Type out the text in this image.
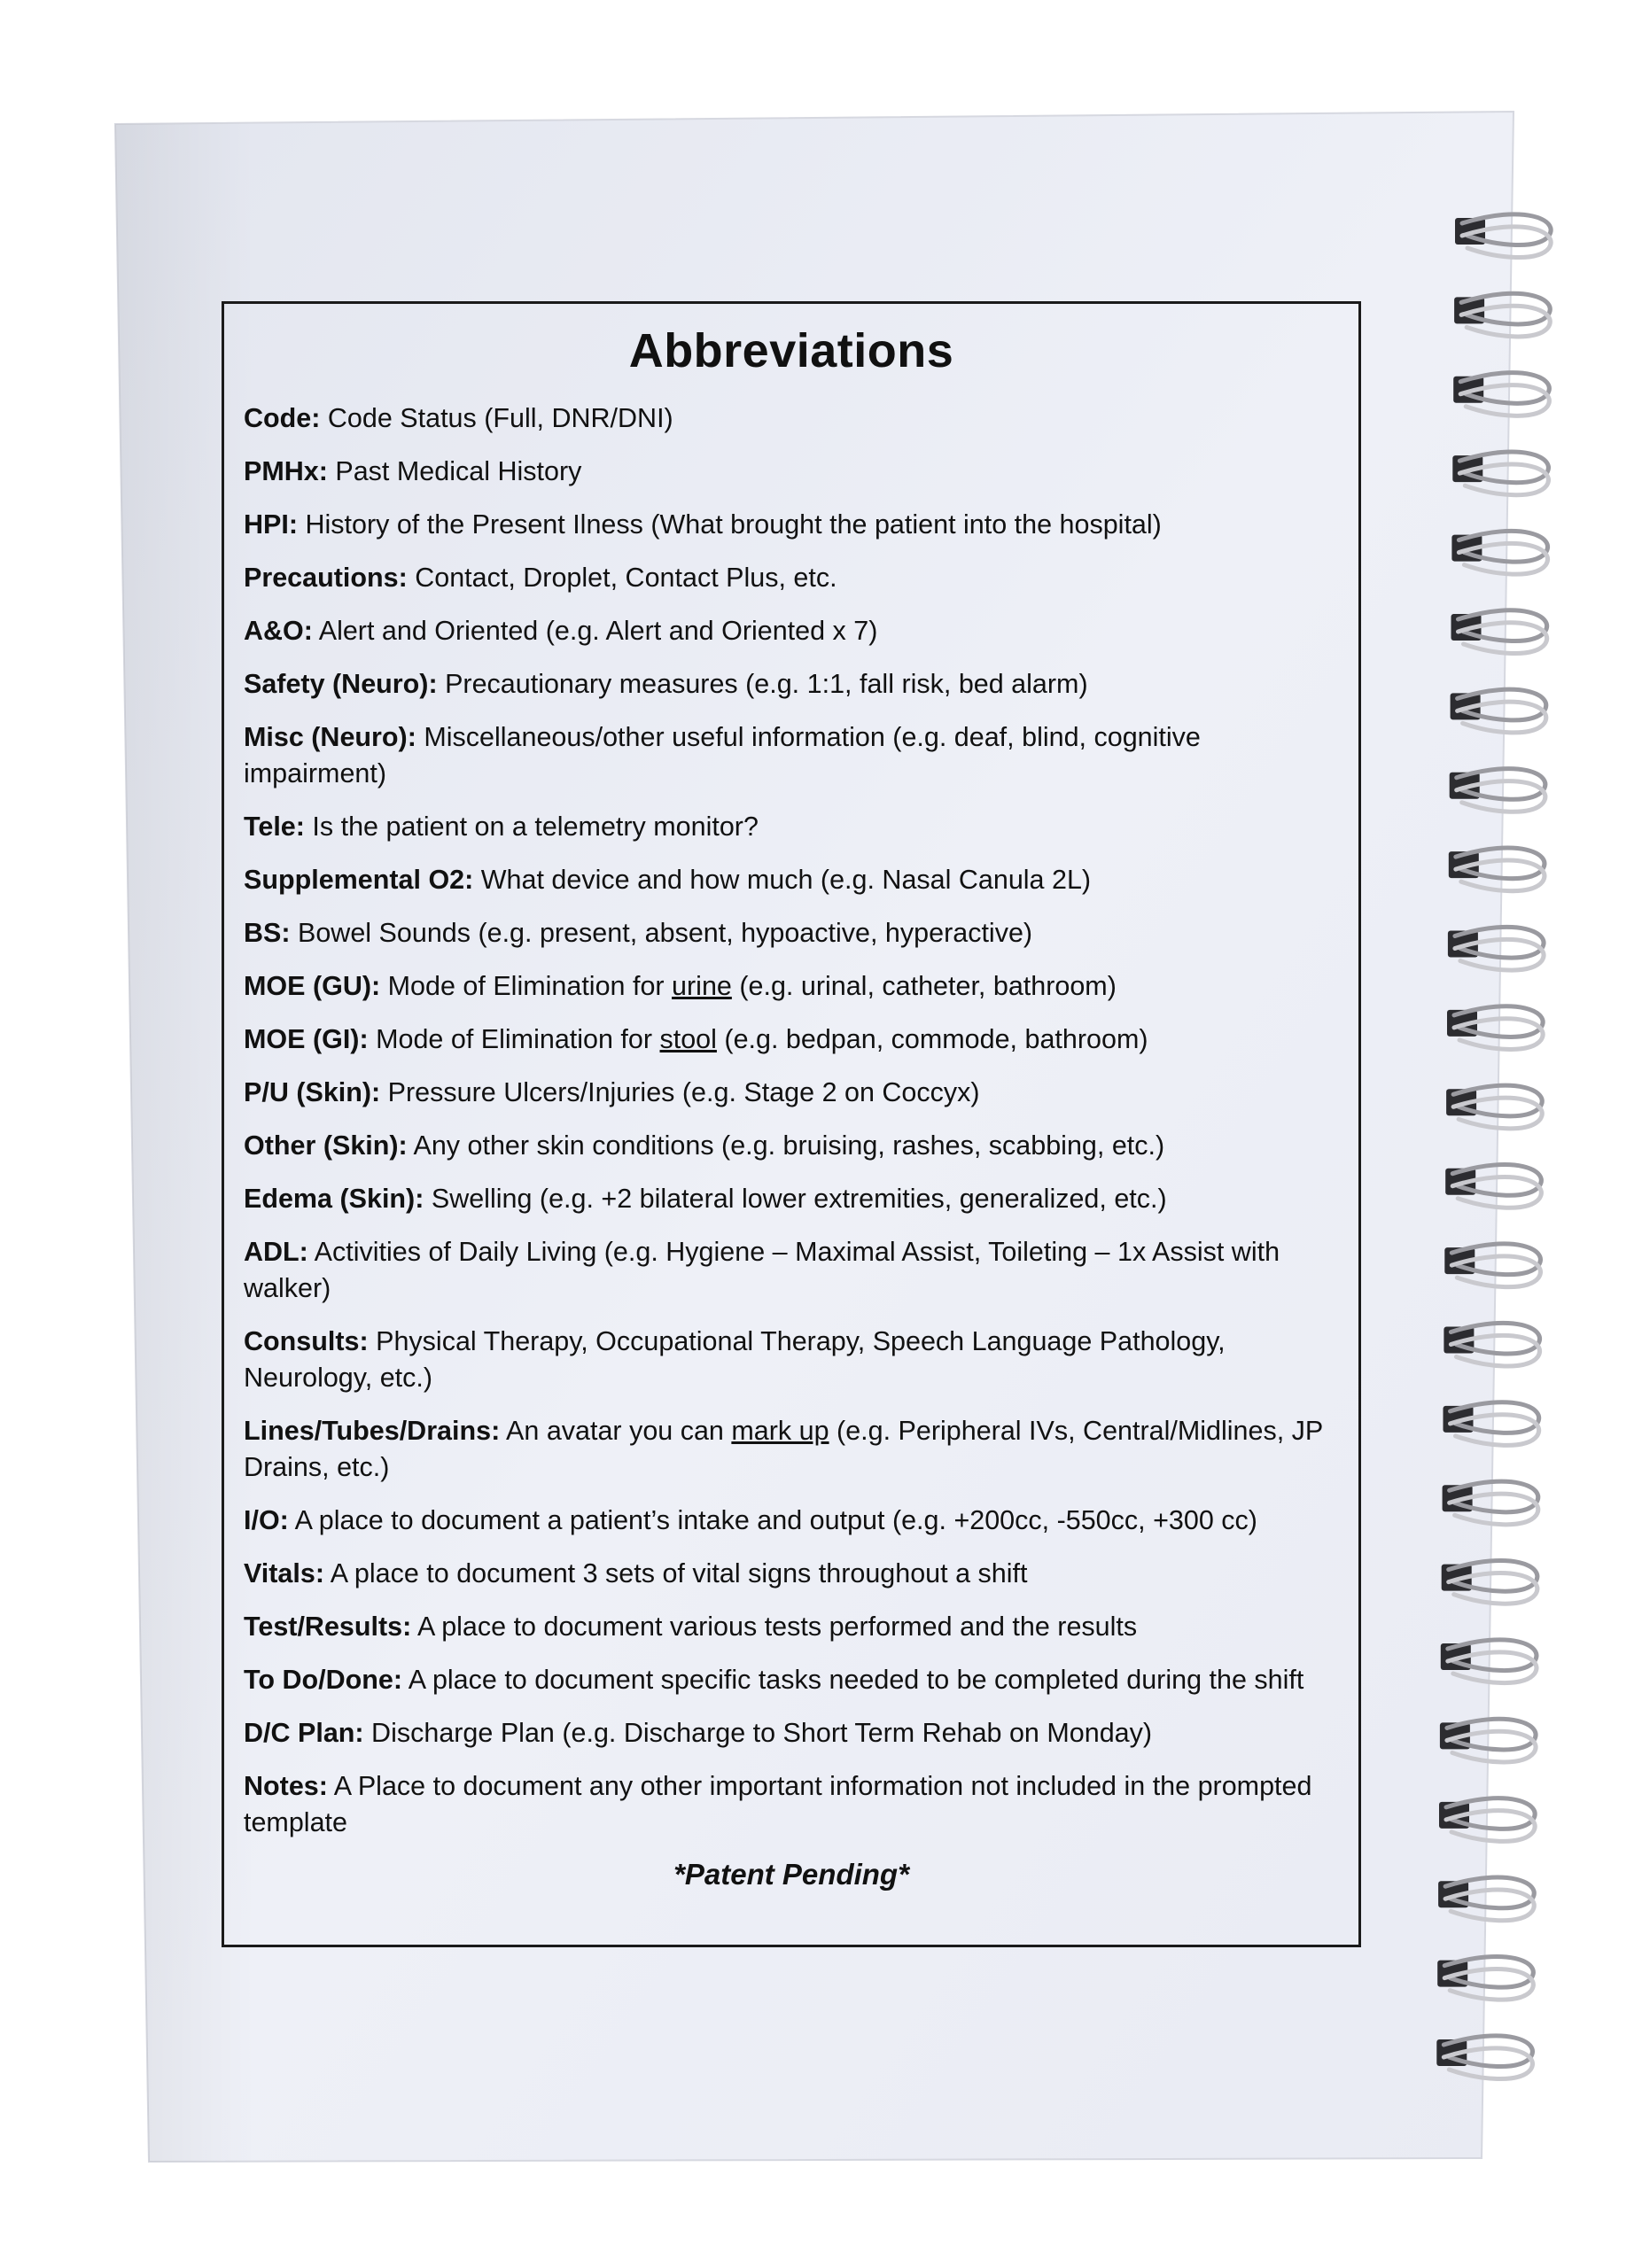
Abbreviations
Code: Code Status (Full, DNR/DNI)
PMHx: Past Medical History
HPI: History of the Present Ilness (What brought the patient into the hospital)
Precautions: Contact, Droplet, Contact Plus, etc.
A&O: Alert and Oriented (e.g. Alert and Oriented x 7)
Safety (Neuro): Precautionary measures (e.g. 1:1, fall risk, bed alarm)
Misc (Neuro): Miscellaneous/other useful information (e.g. deaf, blind, cognitive impairment)
Tele: Is the patient on a telemetry monitor?
Supplemental O2: What device and how much (e.g. Nasal Canula 2L)
BS: Bowel Sounds (e.g. present, absent, hypoactive, hyperactive)
MOE (GU): Mode of Elimination for urine (e.g. urinal, catheter, bathroom)
MOE (GI): Mode of Elimination for stool (e.g. bedpan, commode, bathroom)
P/U (Skin): Pressure Ulcers/Injuries (e.g. Stage 2 on Coccyx)
Other (Skin): Any other skin conditions (e.g. bruising, rashes, scabbing, etc.)
Edema (Skin): Swelling (e.g. +2 bilateral lower extremities, generalized, etc.)
ADL: Activities of Daily Living (e.g. Hygiene – Maximal Assist, Toileting – 1x Assist with walker)
Consults: Physical Therapy, Occupational Therapy, Speech Language Pathology, Neurology, etc.)
Lines/Tubes/Drains: An avatar you can mark up (e.g. Peripheral IVs, Central/Midlines, JP Drains, etc.)
I/O: A place to document a patient’s intake and output (e.g. +200cc, -550cc, +300 cc)
Vitals: A place to document 3 sets of vital signs throughout a shift
Test/Results: A place to document various tests performed and the results
To Do/Done: A place to document specific tasks needed to be completed during the shift
D/C Plan: Discharge Plan (e.g. Discharge to Short Term Rehab on Monday)
Notes: A Place to document any other important information not included in the prompted template
*Patent Pending*
